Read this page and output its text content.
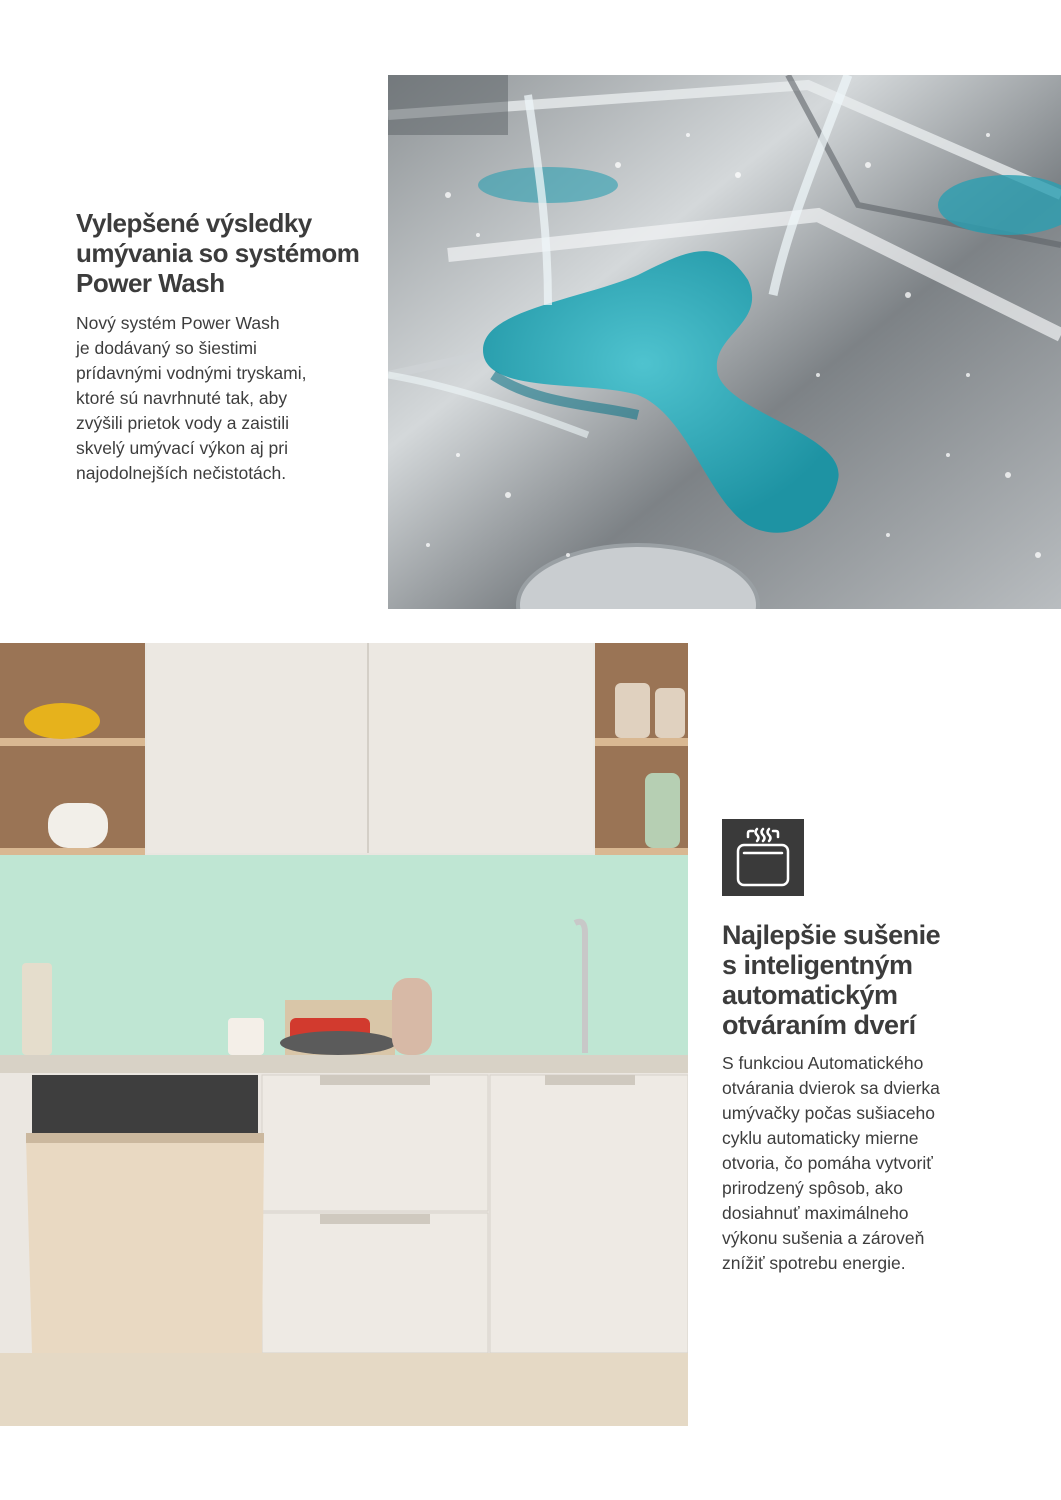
Vylepšené výsledky
umývania so systémom
Power Wash
Nový systém Power Wash
je dodávaný so šiestimi
prídavnými vodnými tryskami,
ktoré sú navrhnuté tak, aby
zvýšili prietok vody a zaistili
skvelý umývací výkon aj pri
najodolnejších nečistotách.
Najlepšie sušenie
s inteligentným
automatickým
otváraním dverí
S funkciou Automatického
otvárania dvierok sa dvierka
umývačky počas sušiaceho
cyklu automaticky mierne
otvoria, čo pomáha vytvoriť
prirodzený spôsob, ako
dosiahnuť maximálneho
výkonu sušenia a zároveň
znížiť spotrebu energie.
